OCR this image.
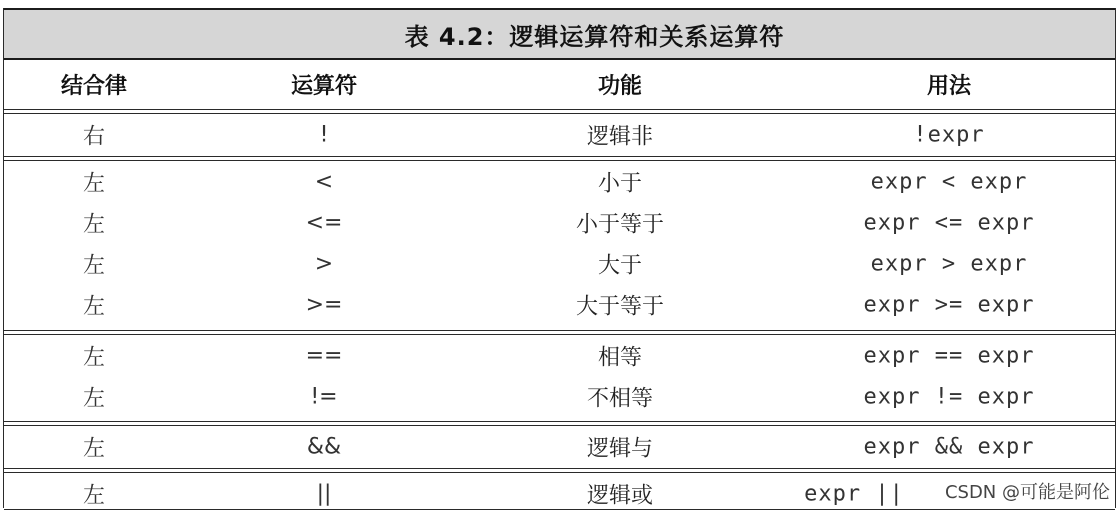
表 4.2：逻辑运算符和关系运算符
结合律	运算符	功能	用法
右	!	逻辑非	!expr
左	<	小于	expr < expr
左	<=	小于等于	expr <= expr
左	>	大于	expr > expr
左	>=	大于等于	expr >= expr
左	==	相等	expr == expr
左	!=	不相等	expr != expr
左	&&	逻辑与	expr && expr
左	||	逻辑或	expr ||	CSDN @可能是阿伦
